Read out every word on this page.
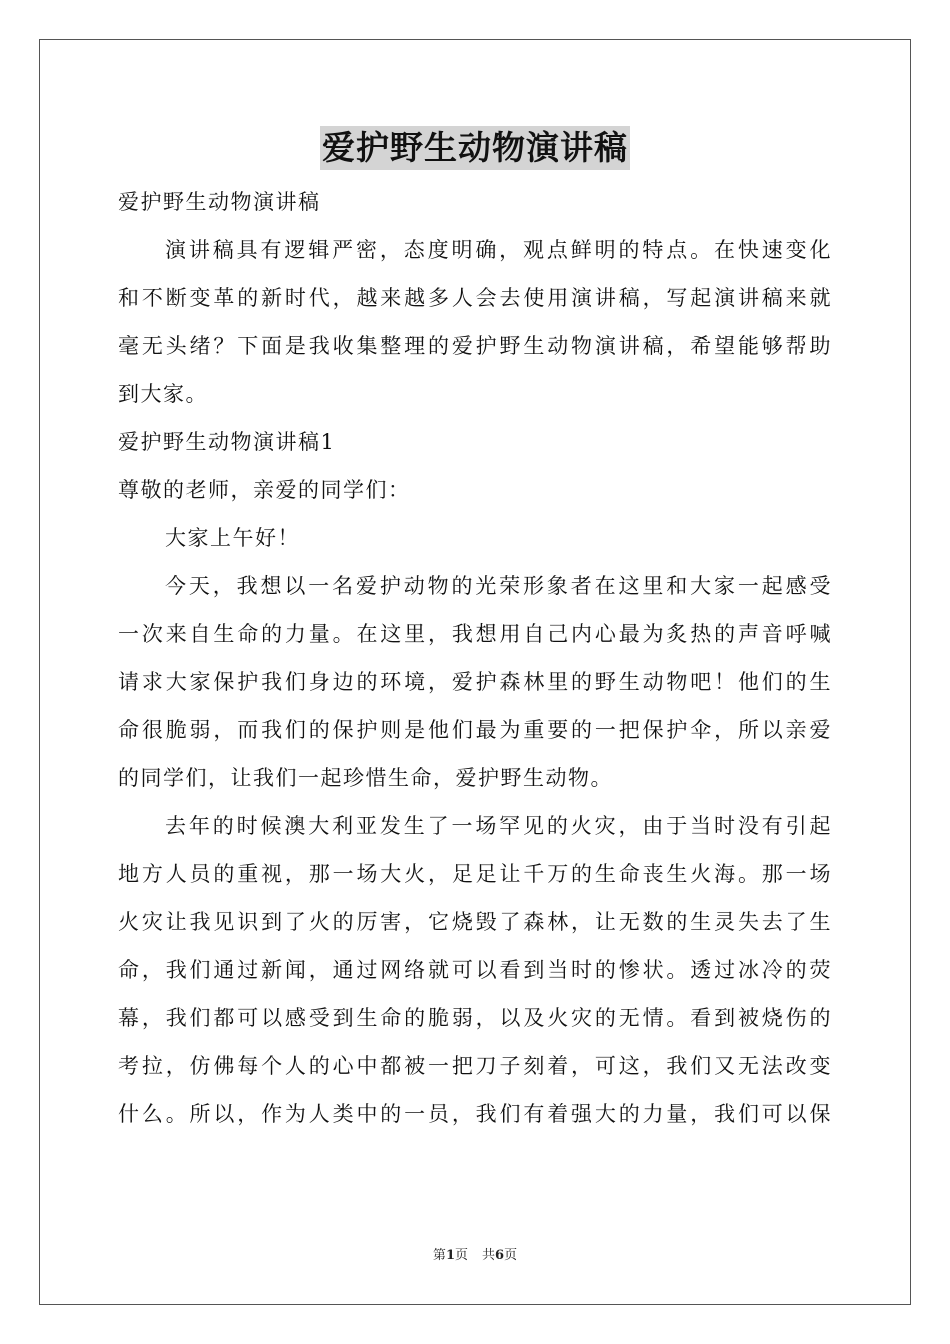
爱护野生动物演讲稿
爱护野生动物演讲稿
演讲稿具有逻辑严密，态度明确，观点鲜明的特点。在快速变化
和不断变革的新时代，越来越多人会去使用演讲稿，写起演讲稿来就
毫无头绪？下面是我收集整理的爱护野生动物演讲稿，希望能够帮助
到大家。
爱护野生动物演讲稿1
尊敬的老师，亲爱的同学们：
大家上午好！
今天，我想以一名爱护动物的光荣形象者在这里和大家一起感受
一次来自生命的力量。在这里，我想用自己内心最为炙热的声音呼喊
请求大家保护我们身边的环境，爱护森林里的野生动物吧！他们的生
命很脆弱，而我们的保护则是他们最为重要的一把保护伞，所以亲爱
的同学们，让我们一起珍惜生命，爱护野生动物。
去年的时候澳大利亚发生了一场罕见的火灾，由于当时没有引起
地方人员的重视，那一场大火，足足让千万的生命丧生火海。那一场
火灾让我见识到了火的厉害，它烧毁了森林，让无数的生灵失去了生
命，我们通过新闻，通过网络就可以看到当时的惨状。透过冰冷的荧
幕，我们都可以感受到生命的脆弱，以及火灾的无情。看到被烧伤的
考拉，仿佛每个人的心中都被一把刀子刻着，可这，我们又无法改变
什么。所以，作为人类中的一员，我们有着强大的力量，我们可以保
第1页 共6页
